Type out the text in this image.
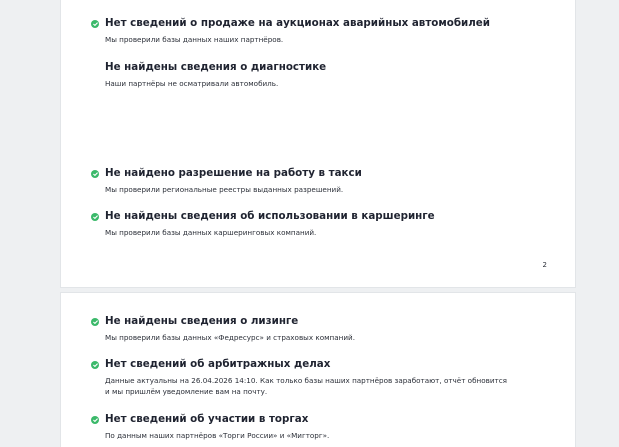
Нет сведений о продаже на аукционах аварийных автомобилей
Мы проверили базы данных наших партнёров.
Не найдены сведения о диагностике
Наши партнёры не осматривали автомобиль.
Не найдено разрешение на работу в такси
Мы проверили региональные реестры выданных разрешений.
Не найдены сведения об использовании в каршеринге
Мы проверили базы данных каршеринговых компаний.
2
Не найдены сведения о лизинге
Мы проверили базы данных «Федресурс» и страховых компаний.
Нет сведений об арбитражных делах
Данные актуальны на 26.04.2026 14:10. Как только базы наших партнёров заработают, отчёт обновится
и мы пришлём уведомление вам на почту.
Нет сведений об участии в торгах
По данным наших партнёров «Торги России» и «Мигторг».
